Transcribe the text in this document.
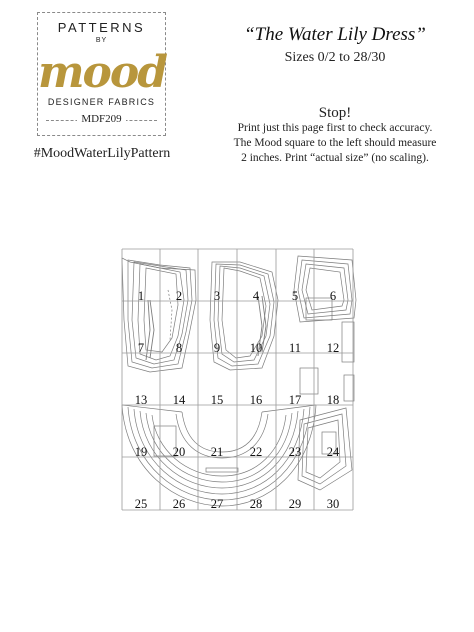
PATTERNS
BY
mood
DESIGNER FABRICS
MDF209
#MoodWaterLilyPattern
“The Water Lily Dress”
Sizes 0/2 to 28/30
Stop!
Print just this page first to check accuracy.
The Mood square to the left should measure
2 inches. Print “actual size” (no scaling).
1	2	3	4	5	6
7	8	9 10 11 12
13 14 15 16 17 18
19 20 21 22 23 24
25 26 27 28 29 30
